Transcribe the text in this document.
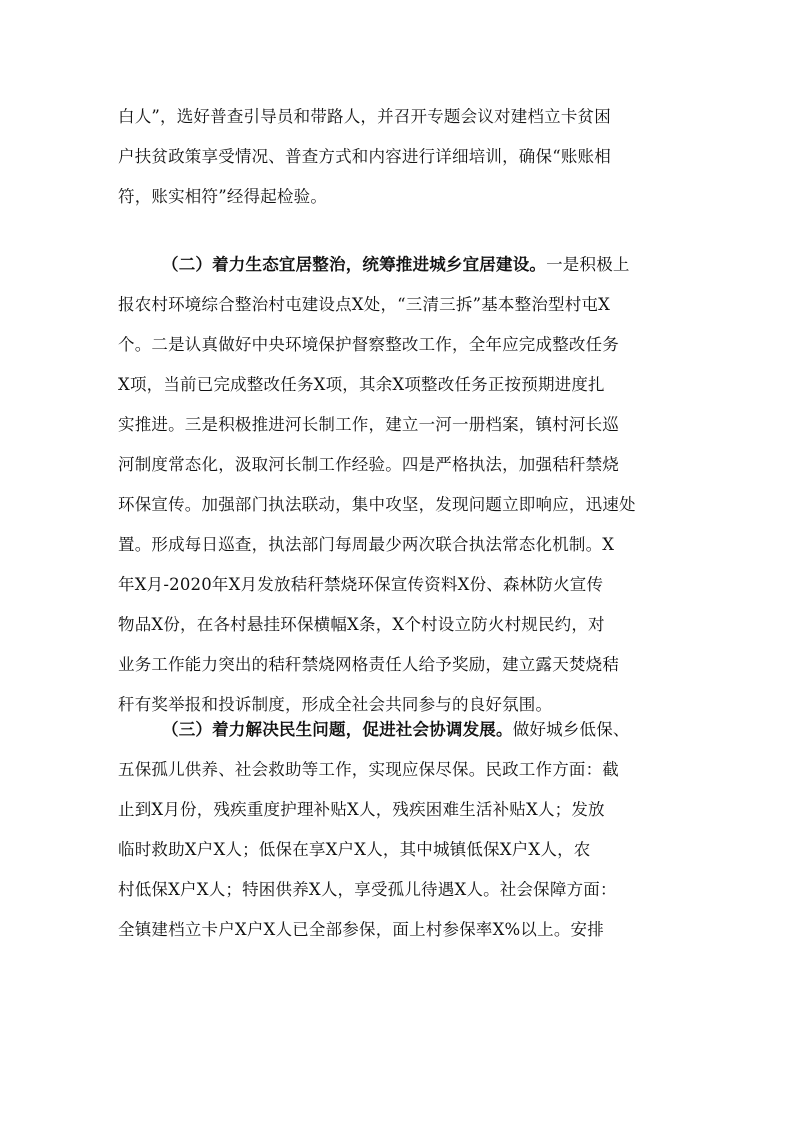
白人”，选好普查引导员和带路人，并召开专题会议对建档立卡贫困
户扶贫政策享受情况、普查方式和内容进行详细培训，确保“账账相
符，账实相符”经得起检验。
（二）着力生态宜居整治，统筹推进城乡宜居建设。一是积极上
报农村环境综合整治村屯建设点X处，“三清三拆”基本整治型村屯X
个。二是认真做好中央环境保护督察整改工作，全年应完成整改任务
X项，当前已完成整改任务X项，其余X项整改任务正按预期进度扎
实推进。三是积极推进河长制工作，建立一河一册档案，镇村河长巡
河制度常态化，汲取河长制工作经验。四是严格执法，加强秸秆禁烧
环保宣传。加强部门执法联动，集中攻坚，发现问题立即响应，迅速处
置。形成每日巡查，执法部门每周最少两次联合执法常态化机制。X
年X月-2020年X月发放秸秆禁烧环保宣传资料X份、森林防火宣传
物品X份，在各村悬挂环保横幅X条，X个村设立防火村规民约，对
业务工作能力突出的秸秆禁烧网格责任人给予奖励，建立露天焚烧秸
秆有奖举报和投诉制度，形成全社会共同参与的良好氛围。
（三）着力解决民生问题，促进社会协调发展。做好城乡低保、
五保孤儿供养、社会救助等工作，实现应保尽保。民政工作方面：截
止到X月份，残疾重度护理补贴X人，残疾困难生活补贴X人；发放
临时救助X户X人；低保在享X户X人，其中城镇低保X户X人，农
村低保X户X人；特困供养X人，享受孤儿待遇X人。社会保障方面：
全镇建档立卡户X户X人已全部参保，面上村参保率X%以上。安排
